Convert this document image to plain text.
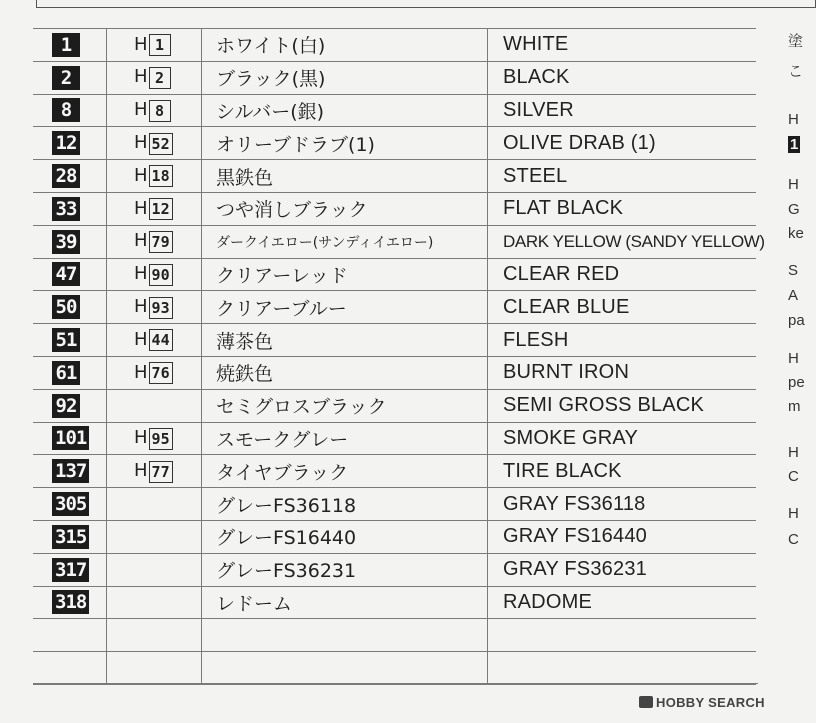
1	H 1	ホワイト(白)	WHITE
2	H 2	ブラック(黒)	BLACK
8	H 8	シルバー(銀)	SILVER
12	H 52	オリーブドラブ(1)	OLIVE DRAB (1)
28	H 18	黒鉄色	STEEL
33	H 12	つや消しブラック	FLAT BLACK
39	H 79	ダークイエロー(サンディイエロー)	DARK YELLOW (SANDY YELLOW)
47	H 90	クリアーレッド	CLEAR RED
50	H 93	クリアーブルー	CLEAR BLUE
51	H 44	薄茶色	FLESH
61	H 76	焼鉄色	BURNT IRON
92		セミグロスブラック	SEMI GROSS BLACK
101	H 95	スモークグレー	SMOKE GRAY
137	H 77	タイヤブラック	TIRE BLACK
305		グレーFS36118	GRAY FS36118
315		グレーFS16440	GRAY FS16440
317		グレーFS36231	GRAY FS36231
318		レドーム	RADOME

塗
こ
H
1
H
G
ke
S
A
pa
H
pe
m
H
C
H
C
HOBBY SEARCH
